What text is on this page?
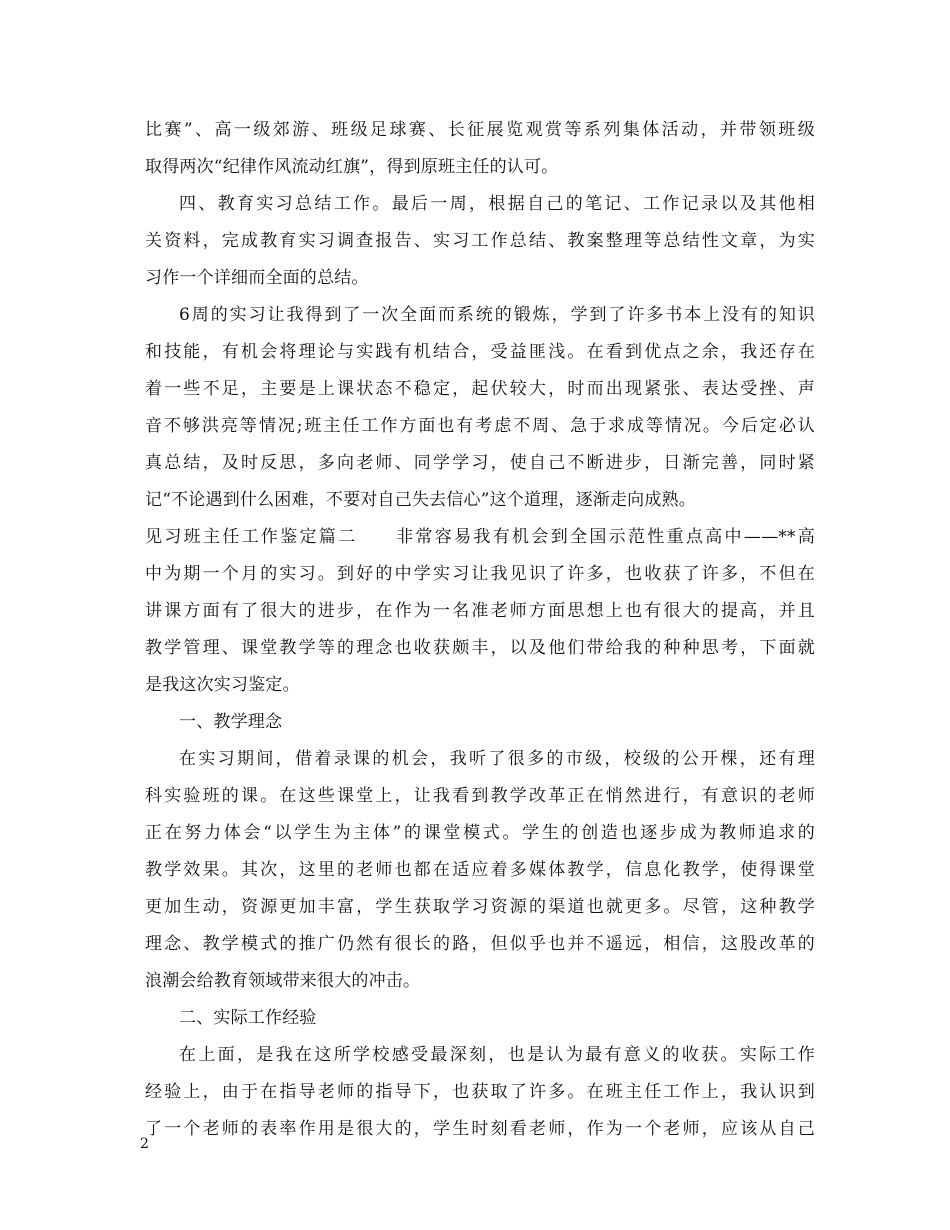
比赛”、高一级郊游、班级足球赛、长征展览观赏等系列集体活动，并带领班级
取得两次“纪律作风流动红旗”，得到原班主任的认可。
四、教育实习总结工作。最后一周，根据自己的笔记、工作记录以及其他相
关资料，完成教育实习调查报告、实习工作总结、教案整理等总结性文章，为实
习作一个详细而全面的总结。
6周的实习让我得到了一次全面而系统的锻炼，学到了许多书本上没有的知识
和技能，有机会将理论与实践有机结合，受益匪浅。在看到优点之余，我还存在
着一些不足，主要是上课状态不稳定，起伏较大，时而出现紧张、表达受挫、声
音不够洪亮等情况;班主任工作方面也有考虑不周、急于求成等情况。今后定必认
真总结，及时反思，多向老师、同学学习，使自己不断进步，日渐完善，同时紧
记“不论遇到什么困难，不要对自己失去信心”这个道理，逐渐走向成熟。
见习班主任工作鉴定篇二　　非常容易我有机会到全国示范性重点高中——**高
中为期一个月的实习。到好的中学实习让我见识了许多，也收获了许多，不但在
讲课方面有了很大的进步，在作为一名准老师方面思想上也有很大的提高，并且
教学管理、课堂教学等的理念也收获颇丰，以及他们带给我的种种思考，下面就
是我这次实习鉴定。
一、教学理念
在实习期间，借着录课的机会，我听了很多的市级，校级的公开棵，还有理
科实验班的课。在这些课堂上，让我看到教学改革正在悄然进行，有意识的老师
正在努力体会“以学生为主体”的课堂模式。学生的创造也逐步成为教师追求的
教学效果。其次，这里的老师也都在适应着多媒体教学，信息化教学，使得课堂
更加生动，资源更加丰富，学生获取学习资源的渠道也就更多。尽管，这种教学
理念、教学模式的推广仍然有很长的路，但似乎也并不遥远，相信，这股改革的
浪潮会给教育领域带来很大的冲击。
二、实际工作经验
在上面，是我在这所学校感受最深刻，也是认为最有意义的收获。实际工作
经验上，由于在指导老师的指导下，也获取了许多。在班主任工作上，我认识到
了一个老师的表率作用是很大的，学生时刻看老师，作为一个老师，应该从自己
2
